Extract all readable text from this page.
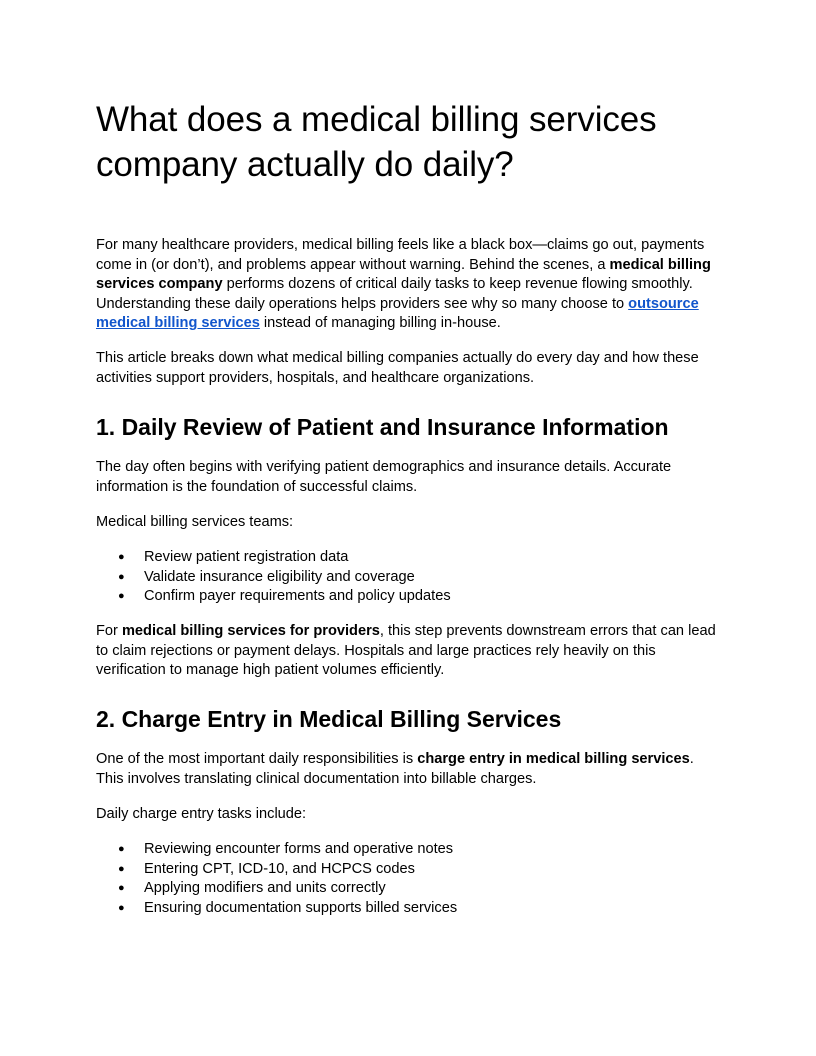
What does a medical billing services company actually do daily?

For many healthcare providers, medical billing feels like a black box—claims go out, payments come in (or don’t), and problems appear without warning. Behind the scenes, a medical billing services company performs dozens of critical daily tasks to keep revenue flowing smoothly. Understanding these daily operations helps providers see why so many choose to outsource medical billing services instead of managing billing in-house.

This article breaks down what medical billing companies actually do every day and how these activities support providers, hospitals, and healthcare organizations.

1. Daily Review of Patient and Insurance Information

The day often begins with verifying patient demographics and insurance details. Accurate information is the foundation of successful claims.

Medical billing services teams:

● Review patient registration data
● Validate insurance eligibility and coverage
● Confirm payer requirements and policy updates

For medical billing services for providers, this step prevents downstream errors that can lead to claim rejections or payment delays. Hospitals and large practices rely heavily on this verification to manage high patient volumes efficiently.

2. Charge Entry in Medical Billing Services

One of the most important daily responsibilities is charge entry in medical billing services. This involves translating clinical documentation into billable charges.

Daily charge entry tasks include:

● Reviewing encounter forms and operative notes
● Entering CPT, ICD-10, and HCPCS codes
● Applying modifiers and units correctly
● Ensuring documentation supports billed services
